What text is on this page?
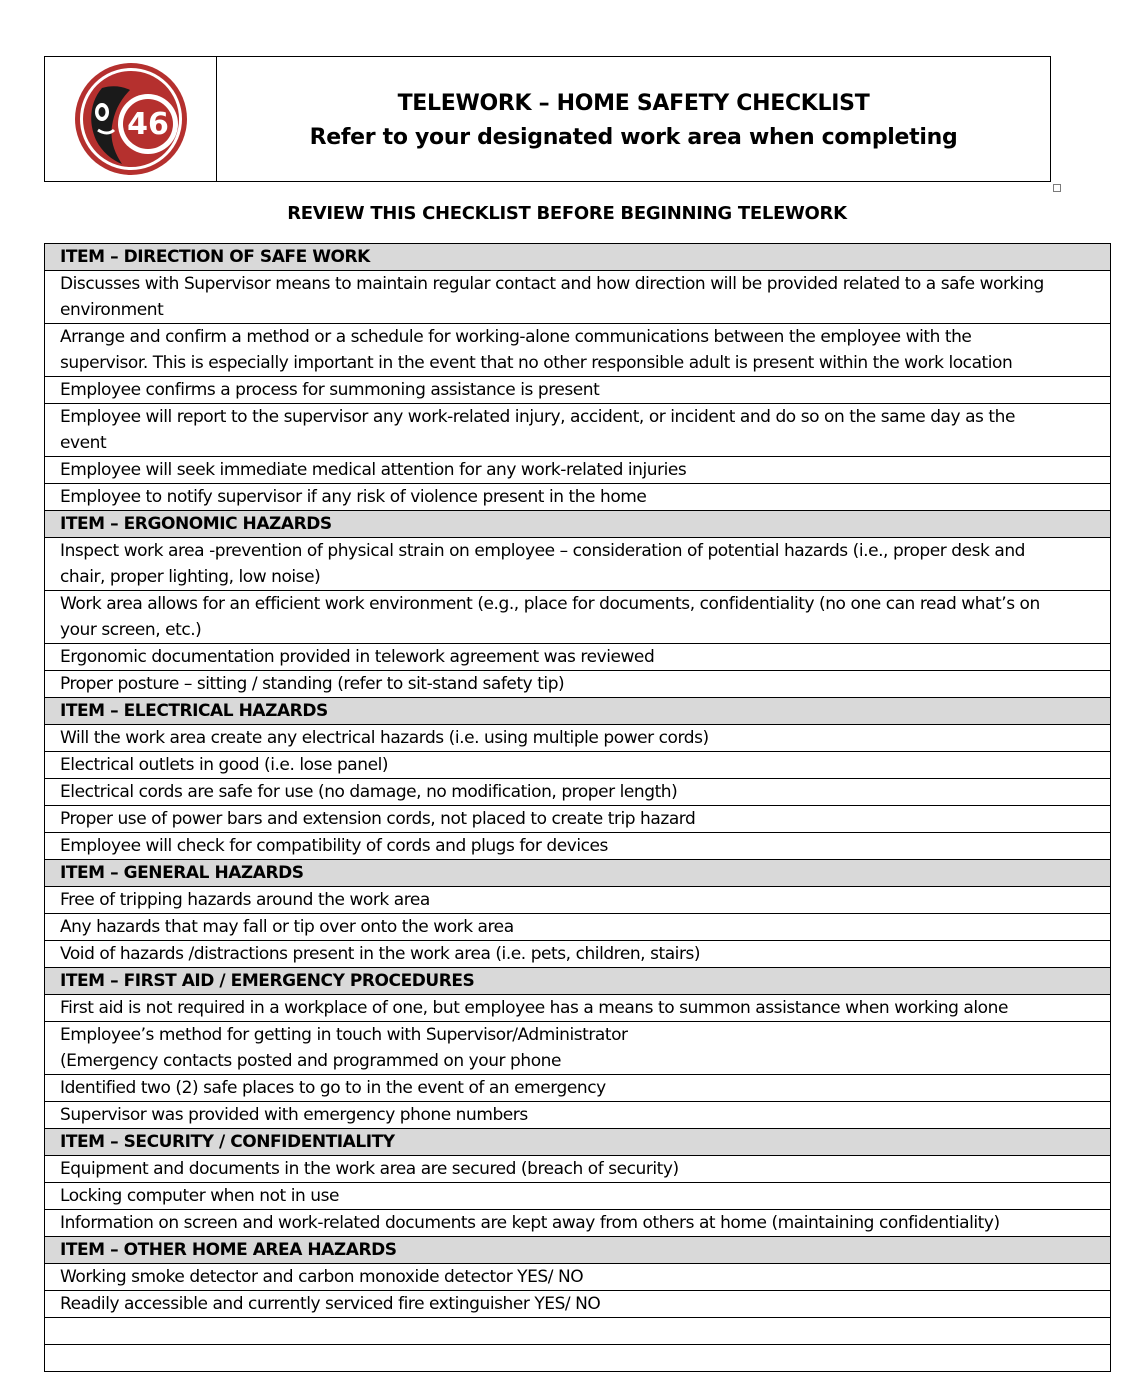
46
TELEWORK – HOME SAFETY CHECKLIST
Refer to your designated work area when completing
REVIEW THIS CHECKLIST BEFORE BEGINNING TELEWORK
ITEM – DIRECTION OF SAFE WORK

Discusses with Supervisor means to maintain regular contact and how direction will be provided related to a safe working
environment

Arrange and confirm a method or a schedule for working-alone communications between the employee with the
supervisor. This is especially important in the event that no other responsible adult is present within the work location

Employee confirms a process for summoning assistance is present

Employee will report to the supervisor any work-related injury, accident, or incident and do so on the same day as the
event

Employee will seek immediate medical attention for any work-related injuries

Employee to notify supervisor if any risk of violence present in the home

ITEM – ERGONOMIC HAZARDS

Inspect work area -prevention of physical strain on employee – consideration of potential hazards (i.e., proper desk and
chair, proper lighting, low noise)

Work area allows for an efficient work environment (e.g., place for documents, confidentiality (no one can read what’s on
your screen, etc.)

Ergonomic documentation provided in telework agreement was reviewed

Proper posture – sitting / standing (refer to sit-stand safety tip)

ITEM – ELECTRICAL HAZARDS

Will the work area create any electrical hazards (i.e. using multiple power cords)

Electrical outlets in good (i.e. lose panel)

Electrical cords are safe for use (no damage, no modification, proper length)

Proper use of power bars and extension cords, not placed to create trip hazard

Employee will check for compatibility of cords and plugs for devices

ITEM – GENERAL HAZARDS

Free of tripping hazards around the work area

Any hazards that may fall or tip over onto the work area

Void of hazards /distractions present in the work area (i.e. pets, children, stairs)

ITEM – FIRST AID / EMERGENCY PROCEDURES

First aid is not required in a workplace of one, but employee has a means to summon assistance when working alone

Employee’s method for getting in touch with Supervisor/Administrator
(Emergency contacts posted and programmed on your phone

Identified two (2) safe places to go to in the event of an emergency

Supervisor was provided with emergency phone numbers

ITEM – SECURITY / CONFIDENTIALITY

Equipment and documents in the work area are secured (breach of security)

Locking computer when not in use

Information on screen and work-related documents are kept away from others at home (maintaining confidentiality)

ITEM – OTHER HOME AREA HAZARDS

Working smoke detector and carbon monoxide detector YES/ NO

Readily accessible and currently serviced fire extinguisher YES/ NO
